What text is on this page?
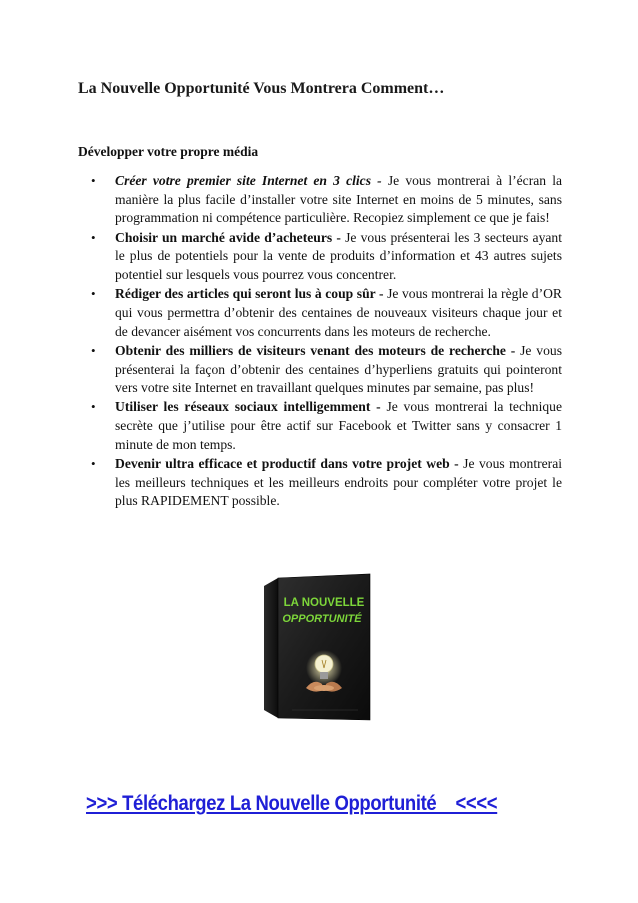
La Nouvelle Opportunité Vous Montrera Comment…

Développer votre propre média

• Créer votre premier site Internet en 3 clics - Je vous montrerai à l’écran la manière la plus facile d’installer votre site Internet en moins de 5 minutes, sans programmation ni compétence particulière. Recopiez simplement ce que je fais!
• Choisir un marché avide d’acheteurs - Je vous présenterai les 3 secteurs ayant le plus de potentiels pour la vente de produits d’information et 43 autres sujets potentiel sur lesquels vous pourrez vous concentrer.
• Rédiger des articles qui seront lus à coup sûr - Je vous montrerai la règle d’OR qui vous permettra d’obtenir des centaines de nouveaux visiteurs chaque jour et de devancer aisément vos concurrents dans les moteurs de recherche.
• Obtenir des milliers de visiteurs venant des moteurs de recherche - Je vous présenterai la façon d’obtenir des centaines d’hyperliens gratuits qui pointeront vers votre site Internet en travaillant quelques minutes par semaine, pas plus!
• Utiliser les réseaux sociaux intelligemment - Je vous montrerai la technique secrète que j’utilise pour être actif sur Facebook et Twitter sans y consacrer 1 minute de mon temps.
• Devenir ultra efficace et productif dans votre projet web - Je vous montrerai les meilleurs techniques et les meilleurs endroits pour compléter votre projet le plus RAPIDEMENT possible.
LA NOUVELLE
OPPORTUNITÉ
>>> Téléchargez La Nouvelle Opportunité    <<<<
